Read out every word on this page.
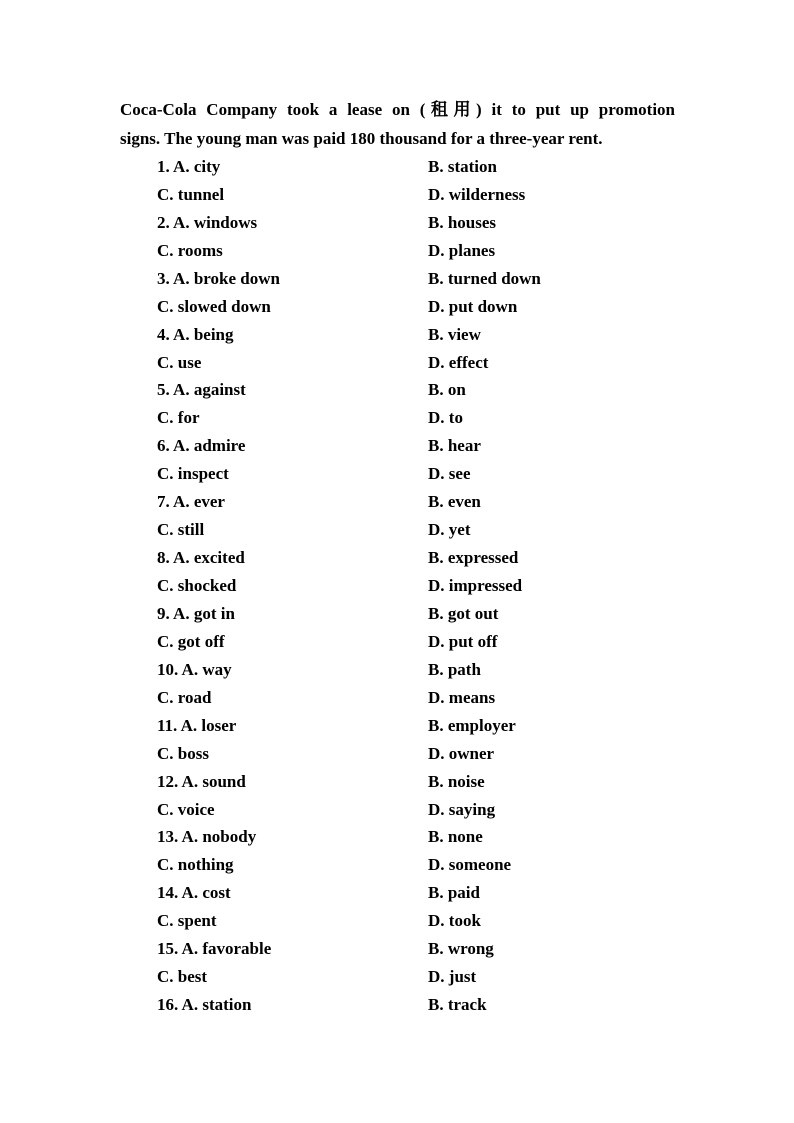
Coca-Cola Company took a lease on (租用) it to put up promotion
signs. The young man was paid 180 thousand for a three-year rent.
1. A. city	B. station
C. tunnel	D. wilderness
2. A. windows	B. houses
C. rooms	D. planes
3. A. broke down	B. turned down
C. slowed down	D. put down
4. A. being	B. view
C. use	D. effect
5. A. against	B. on
C. for	D. to
6. A. admire	B. hear
C. inspect	D. see
7. A. ever	B. even
C. still	D. yet
8. A. excited	B. expressed
C. shocked	D. impressed
9. A. got in	B. got out
C. got off	D. put off
10. A. way	B. path
C. road	D. means
11. A. loser	B. employer
C. boss	D. owner
12. A. sound	B. noise
C. voice	D. saying
13. A. nobody	B. none
C. nothing	D. someone
14. A. cost	B. paid
C. spent	D. took
15. A. favorable	B. wrong
C. best	D. just
16. A. station	B. track
